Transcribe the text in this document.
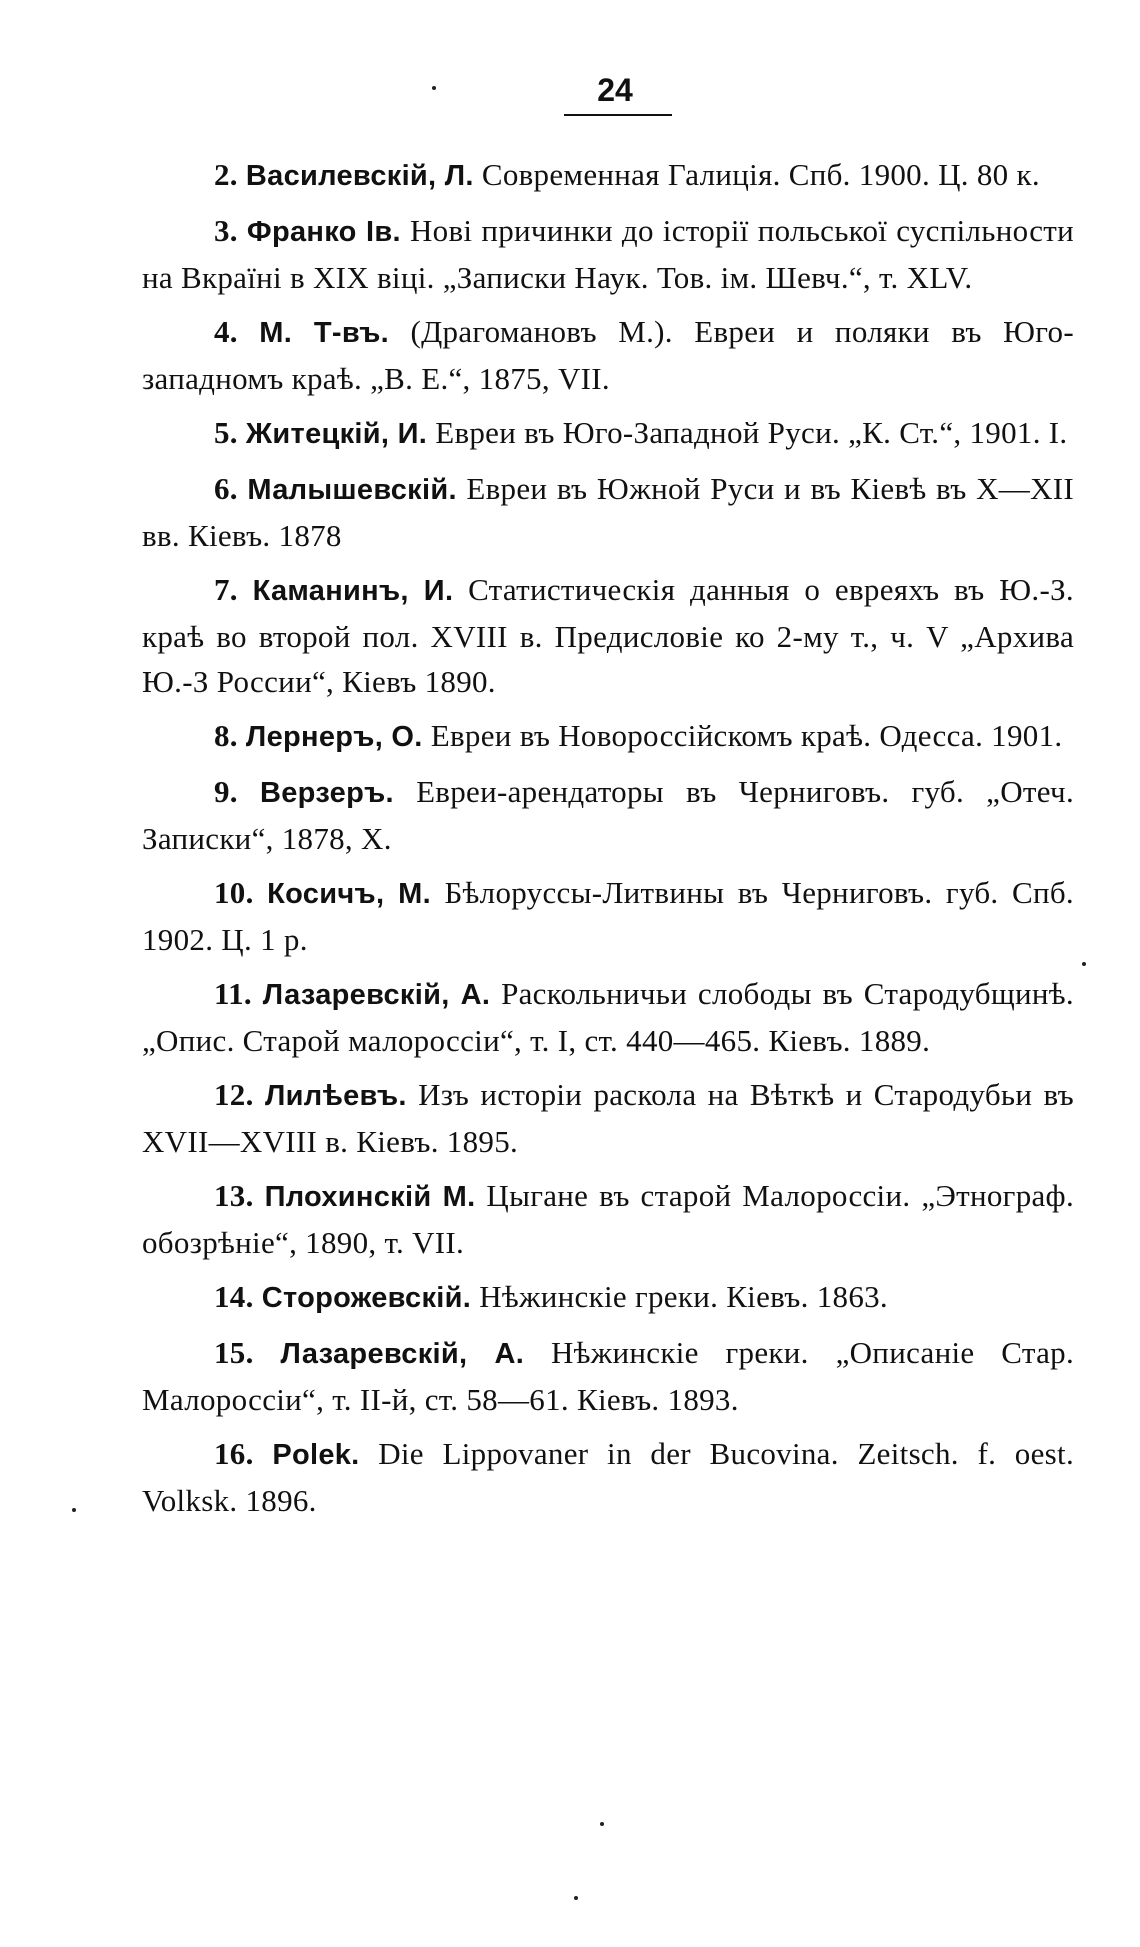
24

2. Василевскій, Л. Современная Галиція. Спб. 1900. Ц. 80 к.

3. Франко Ів. Нові причинки до історії польської суспільности на Вкраїні в XIX віці. „Записки Наук. Тов. ім. Шевч.“, т. XLV.

4. М. Т-въ. (Драгомановъ М.). Евреи и поляки въ Юго-западномъ краѣ. „В. Е.“, 1875, VII.

5. Житецкій, И. Евреи въ Юго-Западной Руси. „К. Ст.“, 1901. I.

6. Малышевскій. Евреи въ Южной Руси и въ Кіевѣ въ X—XII вв. Кіевъ. 1878

7. Каманинъ, И. Статистическія данныя о евреяхъ въ Ю.-З. краѣ во второй пол. XVIII в. Предисловіе ко 2-му т., ч. V „Архива Ю.-З России“, Кіевъ 1890.

8. Лернеръ, О. Евреи въ Новороссійскомъ краѣ. Одесса. 1901.

9. Верзеръ. Евреи-арендаторы въ Черниговъ. губ. „Отеч. Записки“, 1878, X.

10. Косичъ, М. Бѣлоруссы-Литвины въ Черниговъ. губ. Спб. 1902. Ц. 1 р.

11. Лазаревскій, А. Раскольничьи слободы въ Стародубщинѣ. „Опис. Старой малороссіи“, т. I, ст. 440—465. Кіевъ. 1889.

12. Лилѣевъ. Изъ исторіи раскола на Вѣткѣ и Стародубьи въ XVII—XVIII в. Кіевъ. 1895.

13. Плохинскій М. Цыгане въ старой Малороссіи. „Этнограф. обозрѣніе“, 1890, т. VII.

14. Сторожевскій. Нѣжинскіе греки. Кіевъ. 1863.

15. Лазаревскій, А. Нѣжинскіе греки. „Описаніе Стар. Малороссіи“, т. II-й, ст. 58—61. Кіевъ. 1893.

16. Polek. Die Lippovaner in der Bucovina. Zeitsch. f. oest. Volksk. 1896.
